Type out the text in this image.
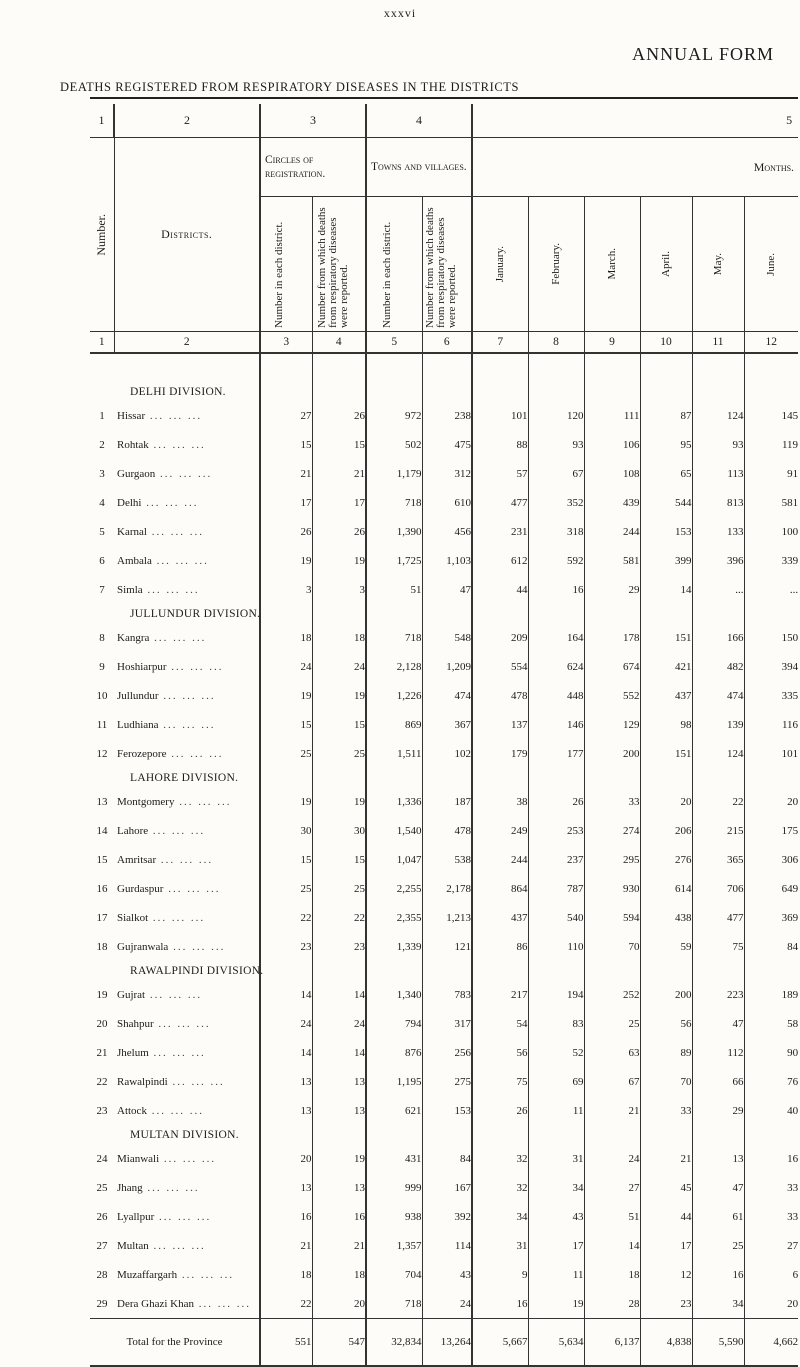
xxxvi
ANNUAL FORM
DEATHS REGISTERED FROM RESPIRATORY DISEASES IN THE DISTRICTS
1	2	3		4		5					

Number.	Districts.	Circles of registration.		Towns and villages.		Months.					

		Number in each district.	Number from which deaths from respiratory diseases were reported.	Number in each district.	Number from which deaths from respiratory diseases were reported.	January.	February.	March.	April.	May.	June.

1	2	3	4	5	6	7	8	9	10	11	12

	DELHI DIVISION.										
1	Hissar ... ... ...	27	26	972	238	101	120	111	87	124	145
2	Rohtak ... ... ...	15	15	502	475	88	93	106	95	93	119
3	Gurgaon ... ... ...	21	21	1,179	312	57	67	108	65	113	91
4	Delhi ... ... ...	17	17	718	610	477	352	439	544	813	581
5	Karnal ... ... ...	26	26	1,390	456	231	318	244	153	133	100
6	Ambala ... ... ...	19	19	1,725	1,103	612	592	581	399	396	339
7	Simla ... ... ...	3	3	51	47	44	16	29	14	...	...
	JULLUNDUR DIVISION.										
8	Kangra ... ... ...	18	18	718	548	209	164	178	151	166	150
9	Hoshiarpur ... ... ...	24	24	2,128	1,209	554	624	674	421	482	394
10	Jullundur ... ... ...	19	19	1,226	474	478	448	552	437	474	335
11	Ludhiana ... ... ...	15	15	869	367	137	146	129	98	139	116
12	Ferozepore ... ... ...	25	25	1,511	102	179	177	200	151	124	101
	LAHORE DIVISION.										
13	Montgomery ... ... ...	19	19	1,336	187	38	26	33	20	22	20
14	Lahore ... ... ...	30	30	1,540	478	249	253	274	206	215	175
15	Amritsar ... ... ...	15	15	1,047	538	244	237	295	276	365	306
16	Gurdaspur ... ... ...	25	25	2,255	2,178	864	787	930	614	706	649
17	Sialkot ... ... ...	22	22	2,355	1,213	437	540	594	438	477	369
18	Gujranwala ... ... ...	23	23	1,339	121	86	110	70	59	75	84
	RAWALPINDI DIVISION.										
19	Gujrat ... ... ...	14	14	1,340	783	217	194	252	200	223	189
20	Shahpur ... ... ...	24	24	794	317	54	83	25	56	47	58
21	Jhelum ... ... ...	14	14	876	256	56	52	63	89	112	90
22	Rawalpindi ... ... ...	13	13	1,195	275	75	69	67	70	66	76
23	Attock ... ... ...	13	13	621	153	26	11	21	33	29	40
	MULTAN DIVISION.										
24	Mianwali ... ... ...	20	19	431	84	32	31	24	21	13	16
25	Jhang ... ... ...	13	13	999	167	32	34	27	45	47	33
26	Lyallpur ... ... ...	16	16	938	392	34	43	51	44	61	33
27	Multan ... ... ...	21	21	1,357	114	31	17	14	17	25	27
28	Muzaffargarh ... ... ...	18	18	704	43	9	11	18	12	16	6
29	Dera Ghazi Khan ... ... ...	22	20	718	24	16	19	28	23	34	20
Total for the Province		551	547	32,834	13,264	5,667	5,634	6,137	4,838	5,590	4,662
